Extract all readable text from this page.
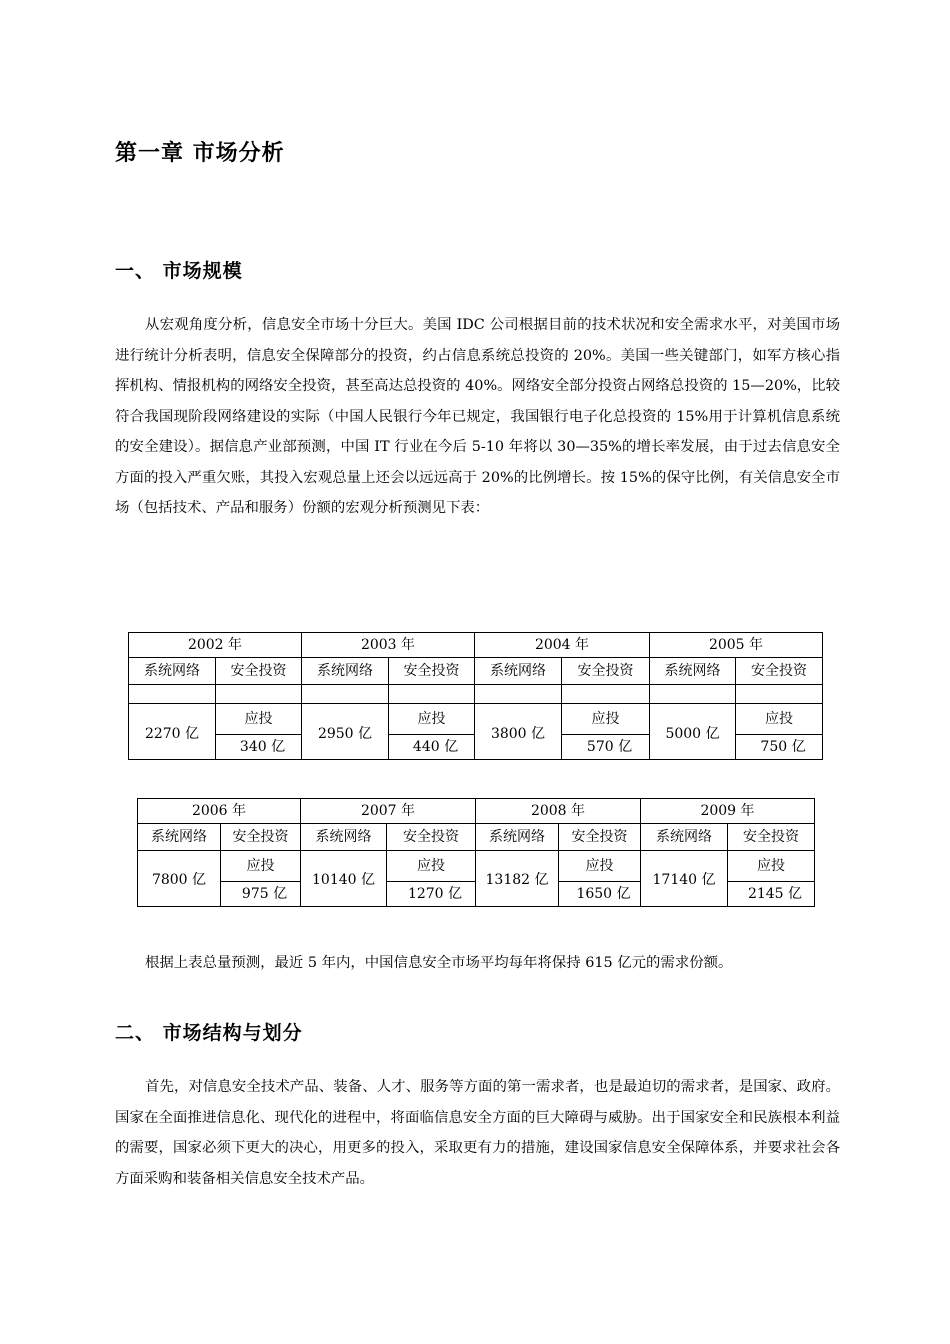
第一章 市场分析
一、 市场规模

从宏观角度分析，信息安全市场十分巨大。美国 IDC 公司根据目前的技术状况和安全需求水平，对美国市场进行统计分析表明，信息安全保障部分的投资，约占信息系统总投资的 20%。美国一些关键部门，如军方核心指挥机构、情报机构的网络安全投资，甚至高达总投资的 40%。网络安全部分投资占网络总投资的 15—20%，比较符合我国现阶段网络建设的实际（中国人民银行今年已规定，我国银行电子化总投资的 15%用于计算机信息系统的安全建设）。据信息产业部预测，中国 IT 行业在今后 5-10 年将以 30—35%的增长率发展，由于过去信息安全方面的投入严重欠账，其投入宏观总量上还会以远远高于 20%的比例增长。按 15%的保守比例，有关信息安全市场（包括技术、产品和服务）份额的宏观分析预测见下表：

2002 年		2003 年		2004 年		2005 年	
系统网络	安全投资	系统网络	安全投资	系统网络	安全投资	系统网络	安全投资

2270 亿	应投	2950 亿	应投	3800 亿	应投	5000 亿	应投
	340 亿		440 亿		570 亿		750 亿
2006 年		2007 年		2008 年		2009 年	
系统网络	安全投资	系统网络	安全投资	系统网络	安全投资	系统网络	安全投资
7800 亿	应投	10140 亿	应投	13182 亿	应投	17140 亿	应投
	975 亿		1270 亿		1650 亿		2145 亿

根据上表总量预测，最近 5 年内，中国信息安全市场平均每年将保持 615 亿元的需求份额。

二、 市场结构与划分

首先，对信息安全技术产品、装备、人才、服务等方面的第一需求者，也是最迫切的需求者，是国家、政府。国家在全面推进信息化、现代化的进程中，将面临信息安全方面的巨大障碍与威胁。出于国家安全和民族根本利益的需要，国家必须下更大的决心，用更多的投入，采取更有力的措施，建设国家信息安全保障体系，并要求社会各方面采购和装备相关信息安全技术产品。
